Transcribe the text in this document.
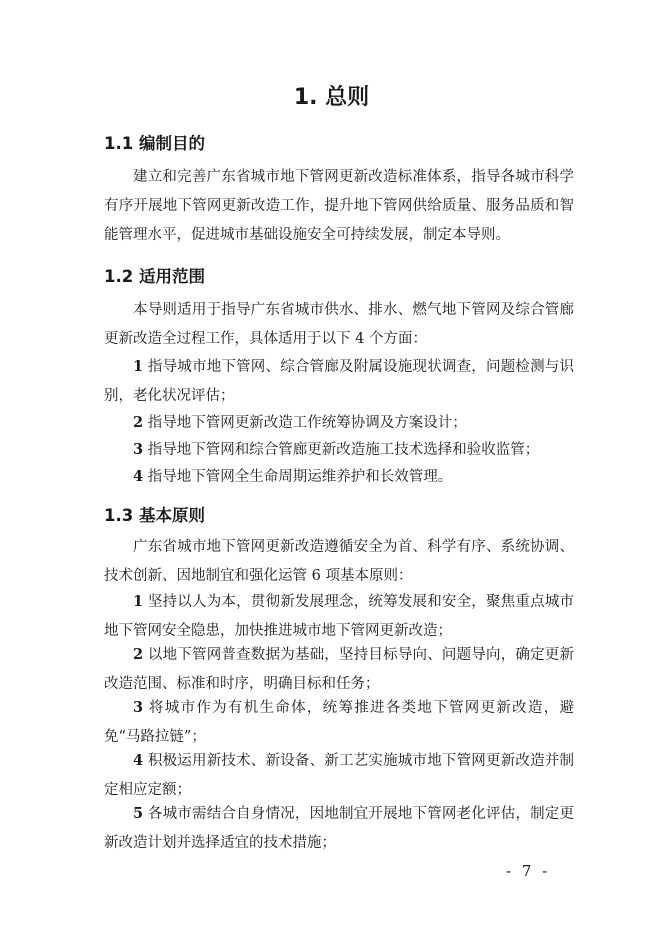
1. 总则
1.1 编制目的

建立和完善广东省城市地下管网更新改造标准体系，指导各城市科学有序开展地下管网更新改造工作，提升地下管网供给质量、服务品质和智能管理水平，促进城市基础设施安全可持续发展，制定本导则。

1.2 适用范围

本导则适用于指导广东省城市供水、排水、燃气地下管网及综合管廊更新改造全过程工作，具体适用于以下 4 个方面：

1 指导城市地下管网、综合管廊及附属设施现状调查，问题检测与识别，老化状况评估；

2 指导地下管网更新改造工作统筹协调及方案设计；

3 指导地下管网和综合管廊更新改造施工技术选择和验收监管；

4 指导地下管网全生命周期运维养护和长效管理。

1.3 基本原则

广东省城市地下管网更新改造遵循安全为首、科学有序、系统协调、技术创新、因地制宜和强化运管 6 项基本原则：

1 坚持以人为本，贯彻新发展理念，统筹发展和安全，聚焦重点城市地下管网安全隐患，加快推进城市地下管网更新改造；

2 以地下管网普查数据为基础，坚持目标导向、问题导向，确定更新改造范围、标准和时序，明确目标和任务；

3 将城市作为有机生命体，统筹推进各类地下管网更新改造，避免“马路拉链”；

4 积极运用新技术、新设备、新工艺实施城市地下管网更新改造并制定相应定额；

5 各城市需结合自身情况，因地制宜开展地下管网老化评估，制定更新改造计划并选择适宜的技术措施；

- 7 -
